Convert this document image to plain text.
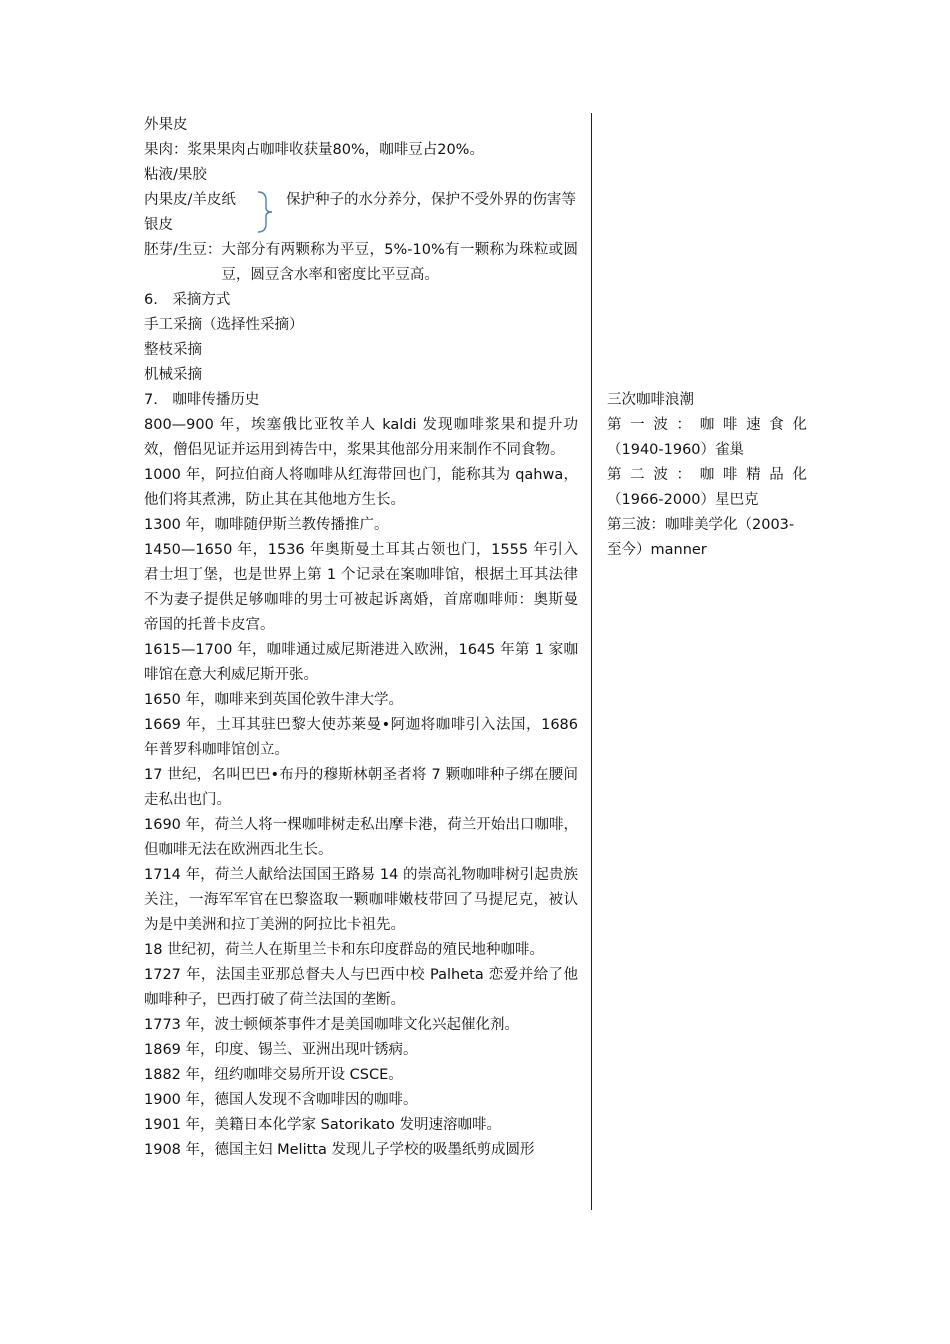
外果皮
果肉：浆果果肉占咖啡收获量80%，咖啡豆占20%。
粘液/果胶
内果皮/羊皮纸
银皮
保护种子的水分养分，保护不受外界的伤害等
胚芽/生豆： 大部分有两颗称为平豆，5%-10%有一颗称为珠粒或圆豆，圆豆含水率和密度比平豆高。
6.　采摘方式
手工采摘（选择性采摘）
整枝采摘
机械采摘
7.　咖啡传播历史
800—900 年，埃塞俄比亚牧羊人 kaldi 发现咖啡浆果和提升功效，僧侣见证并运用到祷告中，浆果其他部分用来制作不同食物。
1000 年，阿拉伯商人将咖啡从红海带回也门，能称其为 qahwa，他们将其煮沸，防止其在其他地方生长。
1300 年，咖啡随伊斯兰教传播推广。
1450—1650 年，1536 年奥斯曼土耳其占领也门，1555 年引入君士坦丁堡，也是世界上第 1 个记录在案咖啡馆，根据土耳其法律不为妻子提供足够咖啡的男士可被起诉离婚，首席咖啡师：奥斯曼帝国的托普卡皮宫。
1615—1700 年，咖啡通过威尼斯港进入欧洲，1645 年第 1 家咖啡馆在意大利威尼斯开张。
1650 年，咖啡来到英国伦敦牛津大学。
1669 年，土耳其驻巴黎大使苏莱曼•阿迦将咖啡引入法国，1686 年普罗科咖啡馆创立。
17 世纪，名叫巴巴•布丹的穆斯林朝圣者将 7 颗咖啡种子绑在腰间走私出也门。
1690 年，荷兰人将一棵咖啡树走私出摩卡港，荷兰开始出口咖啡，但咖啡无法在欧洲西北生长。
1714 年，荷兰人献给法国国王路易 14 的崇高礼物咖啡树引起贵族关注，一海军军官在巴黎盗取一颗咖啡嫩枝带回了马提尼克，被认为是中美洲和拉丁美洲的阿拉比卡祖先。
18 世纪初，荷兰人在斯里兰卡和东印度群岛的殖民地种咖啡。
1727 年，法国圭亚那总督夫人与巴西中校 Palheta 恋爱并给了他咖啡种子，巴西打破了荷兰法国的垄断。
1773 年，波士顿倾茶事件才是美国咖啡文化兴起催化剂。
1869 年，印度、锡兰、亚洲出现叶锈病。
1882 年，纽约咖啡交易所开设 CSCE。
1900 年，德国人发现不含咖啡因的咖啡。
1901 年，美籍日本化学家 Satorikato 发明速溶咖啡。
1908 年，德国主妇 Melitta 发现儿子学校的吸墨纸剪成圆形
三次咖啡浪潮
第 一 波 ： 咖 啡 速 食 化
（1940-1960）雀巢
第 二 波 ： 咖 啡 精 品 化
（1966-2000）星巴克
第三波：咖啡美学化（2003-
至今）manner
